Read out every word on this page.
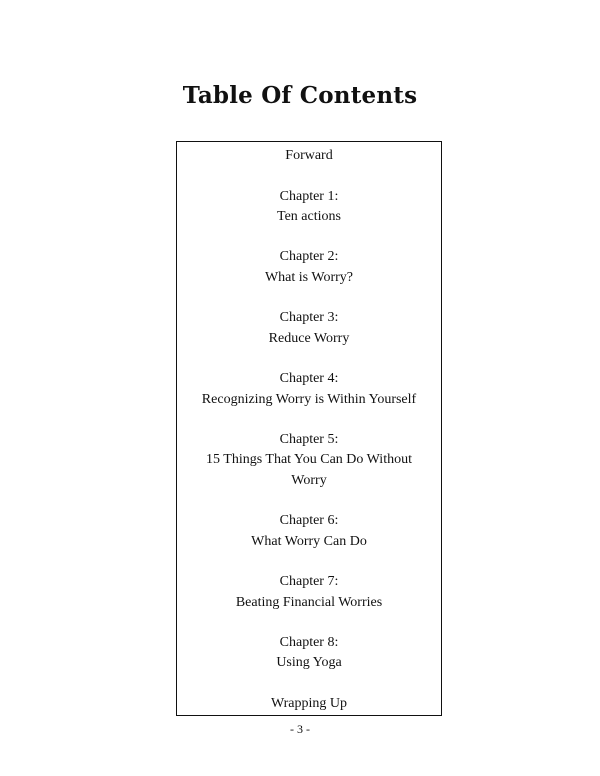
Table Of Contents
Forward
Chapter 1:
Ten actions
Chapter 2:
What is Worry?
Chapter 3:
Reduce Worry
Chapter 4:
Recognizing Worry is Within Yourself
Chapter 5:
15 Things That You Can Do Without
Worry
Chapter 6:
What Worry Can Do
Chapter 7:
Beating Financial Worries
Chapter 8:
Using Yoga
Wrapping Up
- 3 -
